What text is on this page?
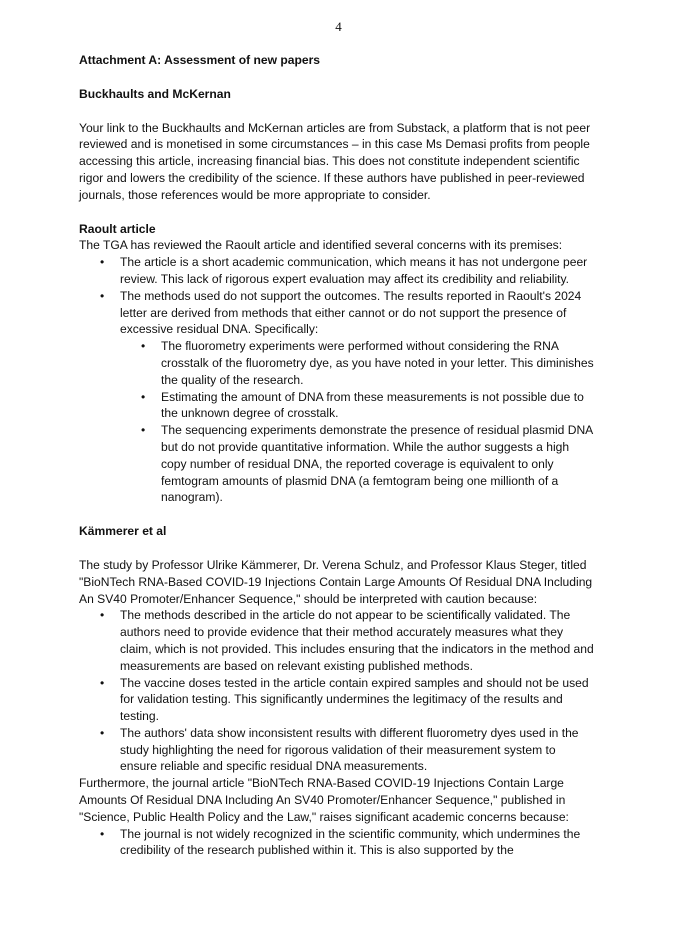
4

Attachment A: Assessment of new papers

Buckhaults and McKernan

Your link to the Buckhaults and McKernan articles are from Substack, a platform that is not peer reviewed and is monetised in some circumstances – in this case Ms Demasi profits from people accessing this article, increasing financial bias. This does not constitute independent scientific rigor and lowers the credibility of the science. If these authors have published in peer-reviewed journals, those references would be more appropriate to consider.

Raoult article

The TGA has reviewed the Raoult article and identified several concerns with its premises:

• The article is a short academic communication, which means it has not undergone peer review. This lack of rigorous expert evaluation may affect its credibility and reliability.
• The methods used do not support the outcomes. The results reported in Raoult's 2024 letter are derived from methods that either cannot or do not support the presence of excessive residual DNA. Specifically:
• The fluorometry experiments were performed without considering the RNA crosstalk of the fluorometry dye, as you have noted in your letter. This diminishes the quality of the research.
• Estimating the amount of DNA from these measurements is not possible due to the unknown degree of crosstalk.
• The sequencing experiments demonstrate the presence of residual plasmid DNA but do not provide quantitative information. While the author suggests a high copy number of residual DNA, the reported coverage is equivalent to only femtogram amounts of plasmid DNA (a femtogram being one millionth of a nanogram).

Kämmerer et al

The study by Professor Ulrike Kämmerer, Dr. Verena Schulz, and Professor Klaus Steger, titled "BioNTech RNA-Based COVID-19 Injections Contain Large Amounts Of Residual DNA Including An SV40 Promoter/Enhancer Sequence," should be interpreted with caution because:

• The methods described in the article do not appear to be scientifically validated. The authors need to provide evidence that their method accurately measures what they claim, which is not provided. This includes ensuring that the indicators in the method and measurements are based on relevant existing published methods.
• The vaccine doses tested in the article contain expired samples and should not be used for validation testing. This significantly undermines the legitimacy of the results and testing.
• The authors' data show inconsistent results with different fluorometry dyes used in the study highlighting the need for rigorous validation of their measurement system to ensure reliable and specific residual DNA measurements.

Furthermore, the journal article "BioNTech RNA-Based COVID-19 Injections Contain Large Amounts Of Residual DNA Including An SV40 Promoter/Enhancer Sequence," published in "Science, Public Health Policy and the Law," raises significant academic concerns because:

• The journal is not widely recognized in the scientific community, which undermines the credibility of the research published within it. This is also supported by the
